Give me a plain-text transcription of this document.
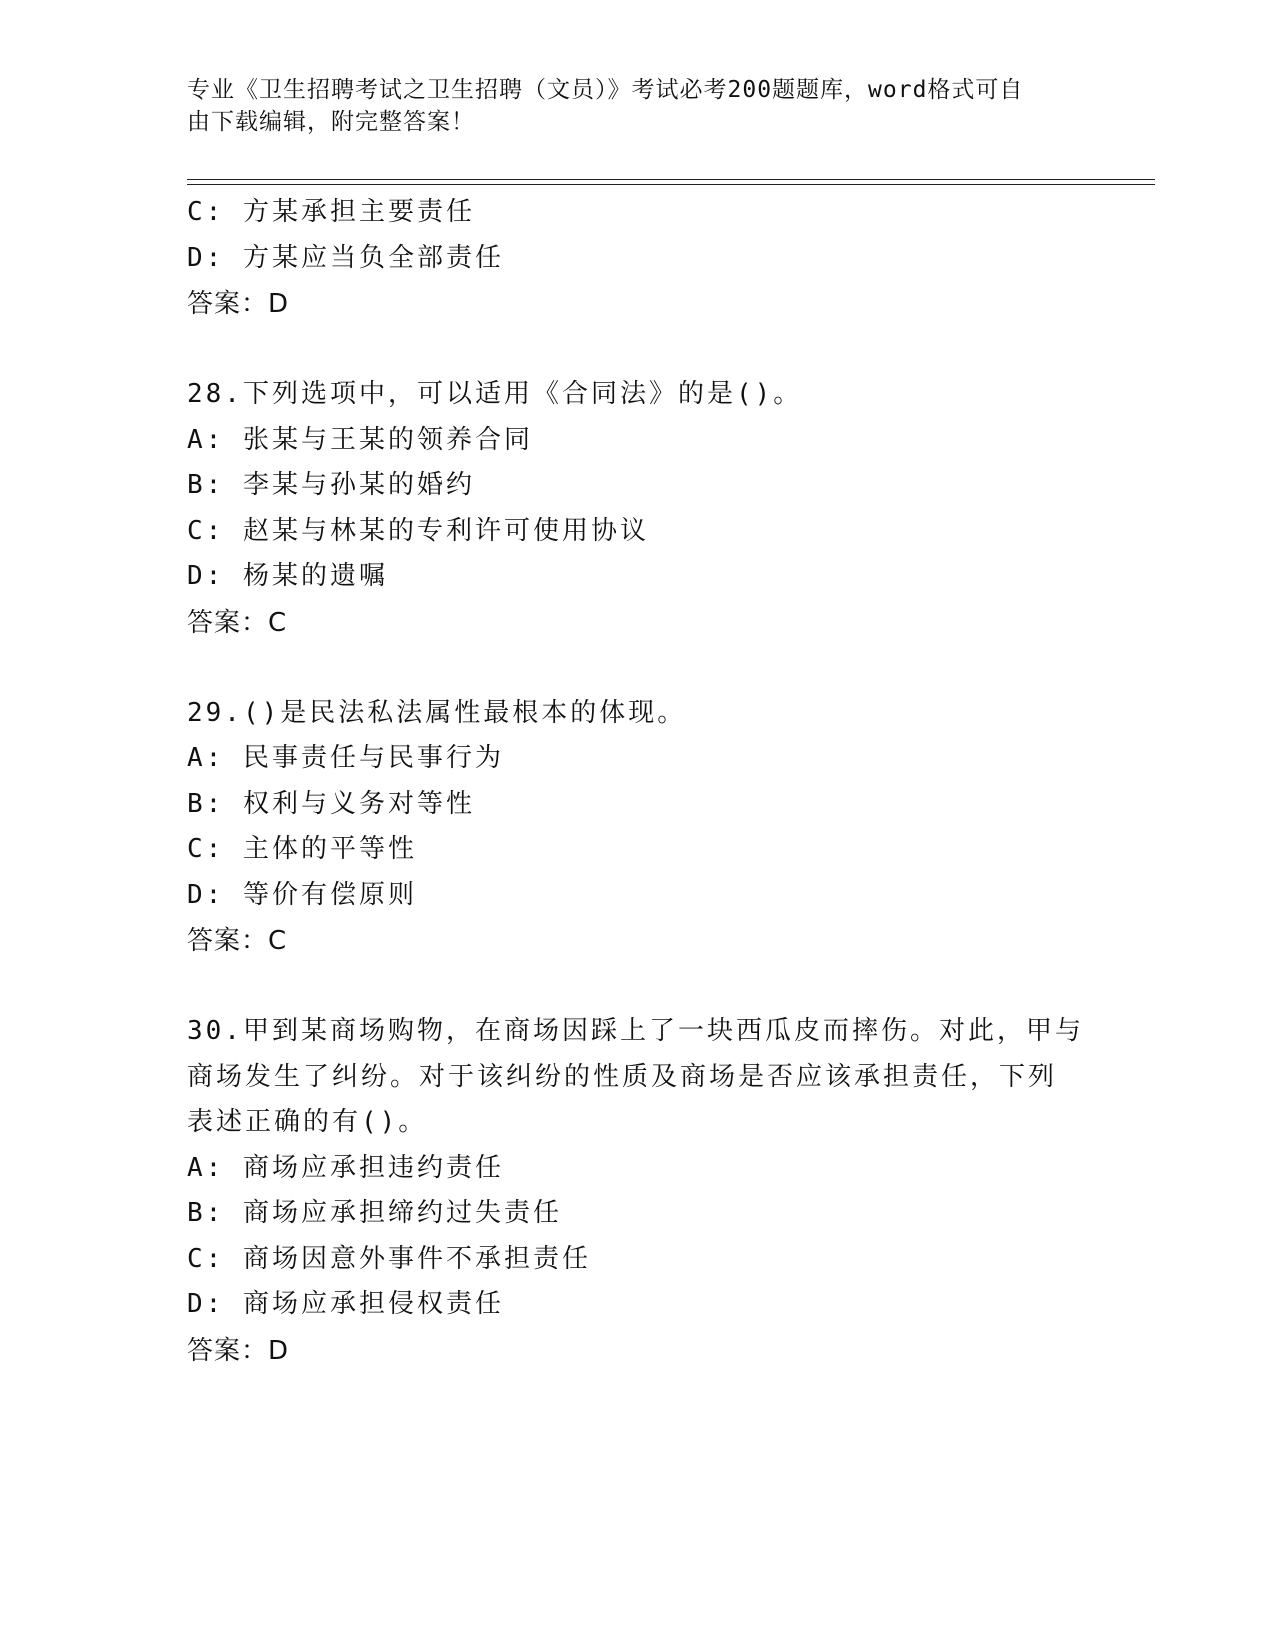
专业《卫生招聘考试之卫生招聘（文员）》考试必考200题题库，word格式可自
由下载编辑，附完整答案！
C: 方某承担主要责任
D: 方某应当负全部责任
答案：D
28.下列选项中，可以适用《合同法》的是()。
A: 张某与王某的领养合同
B: 李某与孙某的婚约
C: 赵某与林某的专利许可使用协议
D: 杨某的遗嘱
答案：C
29.()是民法私法属性最根本的体现。
A: 民事责任与民事行为
B: 权利与义务对等性
C: 主体的平等性
D: 等价有偿原则
答案：C
30.甲到某商场购物，在商场因踩上了一块西瓜皮而摔伤。对此，甲与
商场发生了纠纷。对于该纠纷的性质及商场是否应该承担责任，下列
表述正确的有()。
A: 商场应承担违约责任
B: 商场应承担缔约过失责任
C: 商场因意外事件不承担责任
D: 商场应承担侵权责任
答案：D
